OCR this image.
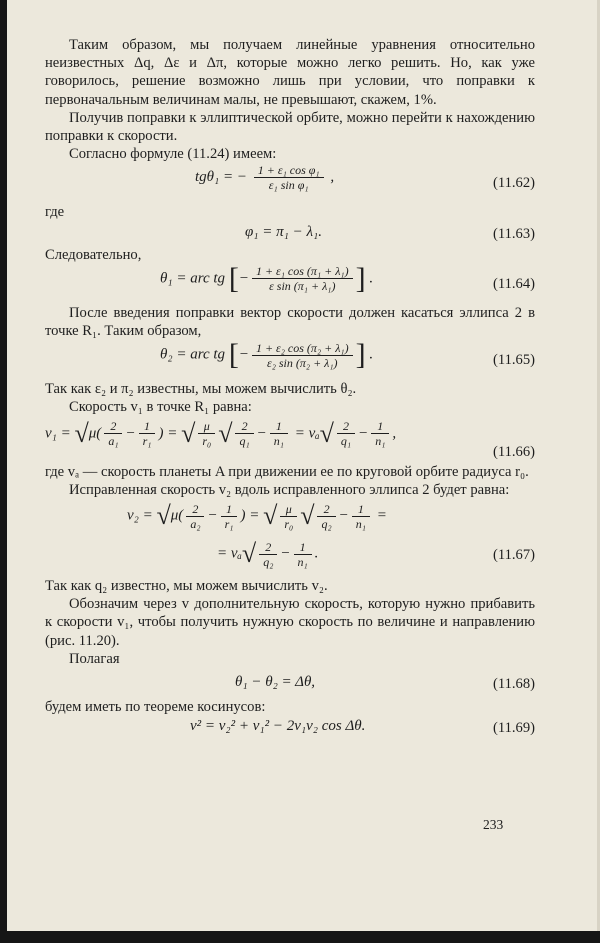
Таким образом, мы получаем линейные уравнения относительно неизвестных Δq, Δε и Δπ, которые можно легко решить. Но, как уже говорилось, решение возможно лишь при условии, что поправки к первоначальным величинам малы, не превышают, скажем, 1%.

Получив поправки к эллиптической орбите, можно перейти к нахождению поправки к скорости.

Согласно формуле (11.24) имеем:

tgθ₁ = − $\frac{\text{1 + ε₁ cos φ₁}}{\text{ε₁ sin φ₁}}$ ,	(11.62)

где

φ₁ = π₁ − λ₁.	(11.63)

Следовательно,

θ₁ = arc tg [− $\frac{\text{1 + ε₁ cos (π₁ + λ₁)}}{\text{ε sin (π₁ + λ₁)}}$ ] .	(11.64)

После введения поправки вектор скорости должен касаться эллипса 2 в точке R₁. Таким образом,

θ₂ = arc tg [− $\frac{\text{1 + ε₂ cos (π₂ + λ₁)}}{\text{ε₂ sin (π₂ + λ₁)}}$ ] .	(11.65)

Так как ε₂ и π₂ известны, мы можем вычислить θ₂.

Скорость v₁ в точке R₁ равна:

$v_1 = √\mu( \frac{2}{\text{a₁}} - \frac{1}{\text{r₁}}$ ) = √ $\frac{\mu}{\text{r₀}}$ √ $\frac{2}{\text{q₁}} - \frac{1}{\text{n₁}} = v_a√ \frac{2}{\text{q₁}} - \frac{1}{\text{n₁}}$ ,
(11.66)

где vₐ — скорость планеты A при движении ее по круговой орбите радиуса r₀.

Исправленная скорость v₂ вдоль исправленного эллипса 2 будет равна:

$v_2 = √\mu( \frac{2}{\text{a₂}} - \frac{1}{\text{r₁}}$ ) = √ $\frac{\mu}{\text{r₀}}$ √ $\frac{2}{\text{q₂}} - \frac{1}{\text{n₁}}$ =
= $v_a√ \frac{2}{\text{q₂}} - \frac{1}{\text{n₁}}$ .	(11.67)

Так как q₂ известно, мы можем вычислить v₂.

Обозначим через v дополнительную скорость, которую нужно прибавить к скорости v₁, чтобы получить нужную скорость по величине и направлению (рис. 11.20).

Полагая

θ₁ − θ₂ = Δθ,	(11.68)

будем иметь по теореме косинусов:

v² = v₂² + v₁² − 2v₁v₂ cos Δθ.	(11.69)
233
